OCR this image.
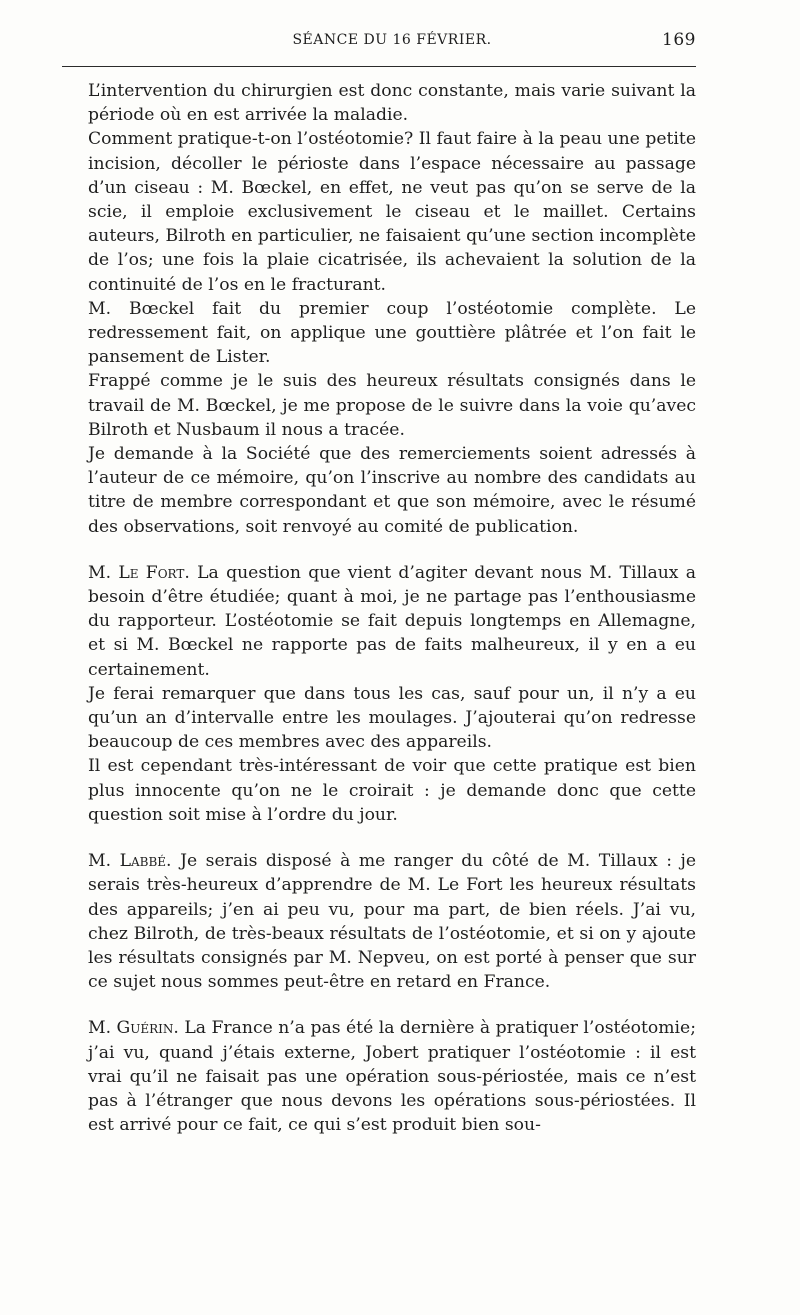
SÉANCE DU 16 FÉVRIER.	169

L’intervention du chirurgien est donc constante, mais varie suivant la période où en est arrivée la maladie.

Comment pratique-t-on l’ostéotomie? Il faut faire à la peau une petite incision, décoller le périoste dans l’espace nécessaire au passage d’un ciseau : M. Bœckel, en effet, ne veut pas qu’on se serve de la scie, il emploie exclusivement le ciseau et le maillet. Certains auteurs, Bilroth en particulier, ne faisaient qu’une section incomplète de l’os; une fois la plaie cicatrisée, ils achevaient la solution de la continuité de l’os en le fracturant.

M. Bœckel fait du premier coup l’ostéotomie complète. Le redressement fait, on applique une gouttière plâtrée et l’on fait le pansement de Lister.

Frappé comme je le suis des heureux résultats consignés dans le travail de M. Bœckel, je me propose de le suivre dans la voie qu’avec Bilroth et Nusbaum il nous a tracée.

Je demande à la Société que des remerciements soient adressés à l’auteur de ce mémoire, qu’on l’inscrive au nombre des candidats au titre de membre correspondant et que son mémoire, avec le résumé des observations, soit renvoyé au comité de publication.

M. Le Fort. La question que vient d’agiter devant nous M. Tillaux a besoin d’être étudiée; quant à moi, je ne partage pas l’enthousiasme du rapporteur. L’ostéotomie se fait depuis longtemps en Allemagne, et si M. Bœckel ne rapporte pas de faits malheureux, il y en a eu certainement.

Je ferai remarquer que dans tous les cas, sauf pour un, il n’y a eu qu’un an d’intervalle entre les moulages. J’ajouterai qu’on redresse beaucoup de ces membres avec des appareils.

Il est cependant très-intéressant de voir que cette pratique est bien plus innocente qu’on ne le croirait : je demande donc que cette question soit mise à l’ordre du jour.

M. Labbé. Je serais disposé à me ranger du côté de M. Tillaux : je serais très-heureux d’apprendre de M. Le Fort les heureux résultats des appareils; j’en ai peu vu, pour ma part, de bien réels. J’ai vu, chez Bilroth, de très-beaux résultats de l’ostéotomie, et si on y ajoute les résultats consignés par M. Nepveu, on est porté à penser que sur ce sujet nous sommes peut-être en retard en France.

M. Guérin. La France n’a pas été la dernière à pratiquer l’ostéotomie; j’ai vu, quand j’étais externe, Jobert pratiquer l’ostéotomie : il est vrai qu’il ne faisait pas une opération sous-périostée, mais ce n’est pas à l’étranger que nous devons les opérations sous-périostées. Il est arrivé pour ce fait, ce qui s’est produit bien sou-
